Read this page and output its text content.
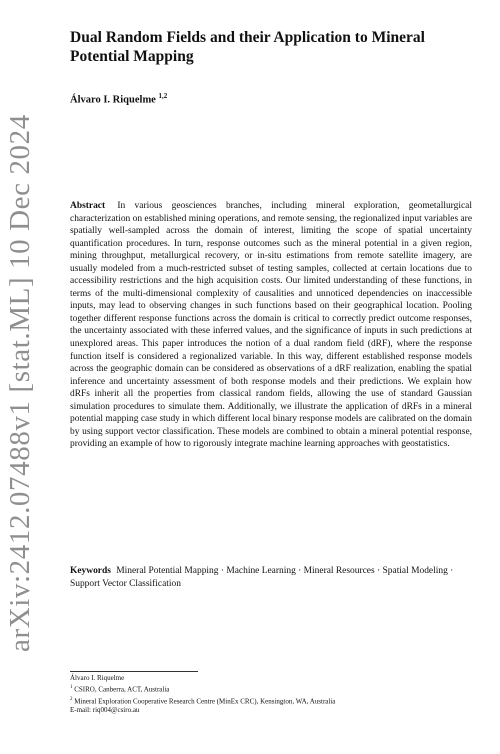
arXiv:2412.07488v1 [stat.ML] 10 Dec 2024
Dual Random Fields and their Application to Mineral Potential Mapping
Álvaro I. Riquelme $^{1,2}$
Abstract In various geosciences branches, including mineral exploration, geometallurgical characterization on established mining operations, and remote sensing, the regionalized input variables are spatially well-sampled across the domain of interest, limiting the scope of spatial uncertainty quantification procedures. In turn, response outcomes such as the mineral potential in a given region, mining throughput, metallurgical recovery, or in-situ estimations from remote satellite imagery, are usually modeled from a much-restricted subset of testing samples, collected at certain locations due to accessibility restrictions and the high acquisition costs. Our limited understanding of these functions, in terms of the multi-dimensional complexity of causalities and unnoticed dependencies on inaccessible inputs, may lead to observing changes in such functions based on their geographical location. Pooling together different response functions across the domain is critical to correctly predict outcome responses, the uncertainty associated with these inferred values, and the significance of inputs in such predictions at unexplored areas. This paper introduces the notion of a dual random field (dRF), where the response function itself is considered a regionalized variable. In this way, different established response models across the geographic domain can be considered as observations of a dRF realization, enabling the spatial inference and uncertainty assessment of both response models and their predictions. We explain how dRFs inherit all the properties from classical random fields, allowing the use of standard Gaussian simulation procedures to simulate them. Additionally, we illustrate the application of dRFs in a mineral potential mapping case study in which different local binary response models are calibrated on the domain by using support vector classification. These models are combined to obtain a mineral potential response, providing an example of how to rigorously integrate machine learning approaches with geostatistics.
Keywords Mineral Potential Mapping · Machine Learning · Mineral Resources · Spatial Modeling · Support Vector Classification
Álvaro I. Riquelme
$^1$ CSIRO, Canberra, ACT, Australia
$^2$ Mineral Exploration Cooperative Research Centre (MinEx CRC), Kensington, WA, Australia
E-mail: riq004@csiro.au
